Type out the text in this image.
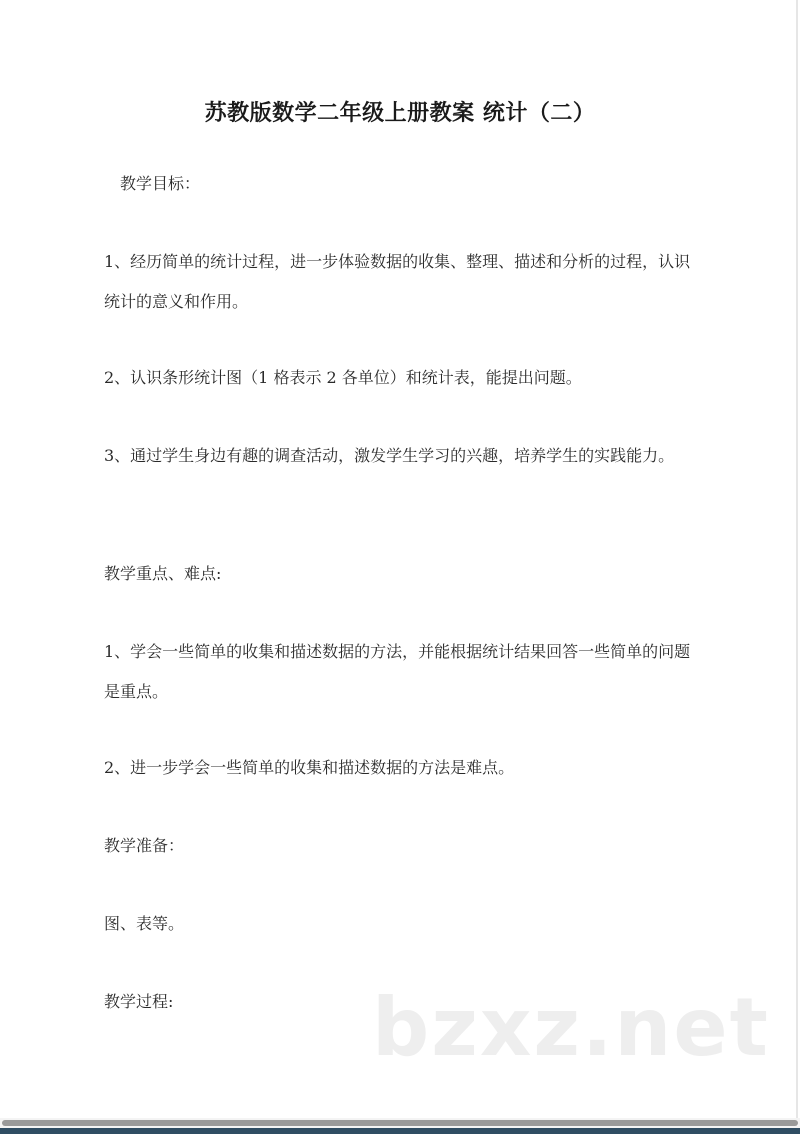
苏教版数学二年级上册教案 统计（二）
教学目标：
1、经历简单的统计过程，进一步体验数据的收集、整理、描述和分析的过程，认识统计的意义和作用。
2、认识条形统计图（1 格表示 2 各单位）和统计表，能提出问题。
3、通过学生身边有趣的调查活动，激发学生学习的兴趣，培养学生的实践能力。
教学重点、难点:
1、学会一些简单的收集和描述数据的方法，并能根据统计结果回答一些简单的问题是重点。
2、进一步学会一些简单的收集和描述数据的方法是难点。
教学准备：
图、表等。
教学过程:	bzxz.net
